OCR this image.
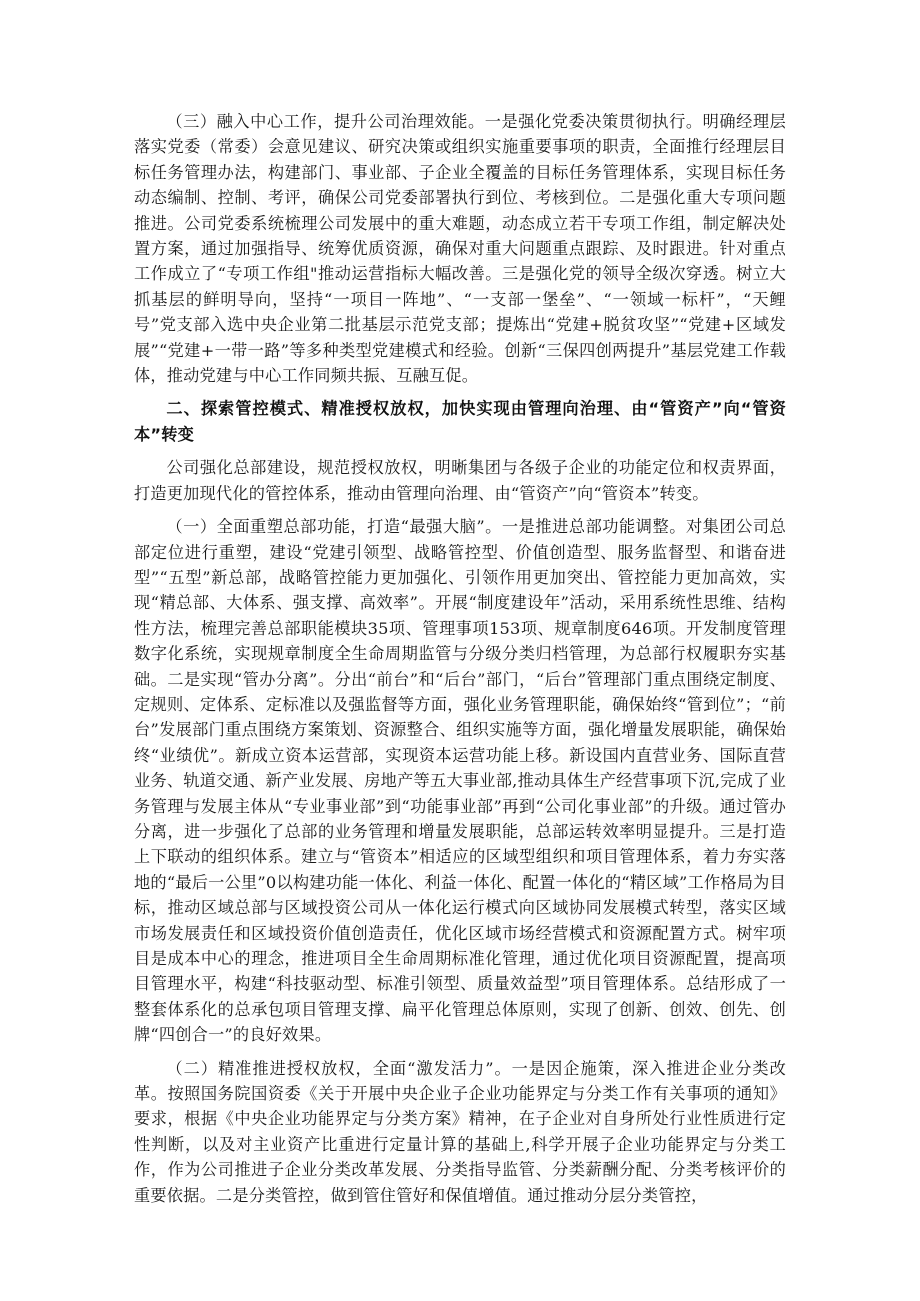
（三）融入中心工作，提升公司治理效能。一是强化党委决策贯彻执行。明确经理层落实党委（常委）会意见建议、研究决策或组织实施重要事项的职责，全面推行经理层目标任务管理办法，构建部门、事业部、子企业全覆盖的目标任务管理体系，实现目标任务动态编制、控制、考评，确保公司党委部署执行到位、考核到位。二是强化重大专项问题推进。公司党委系统梳理公司发展中的重大难题，动态成立若干专项工作组，制定解决处置方案，通过加强指导、统筹优质资源，确保对重大问题重点跟踪、及时跟进。针对重点工作成立了“专项工作组"推动运营指标大幅改善。三是强化党的领导全级次穿透。树立大抓基层的鲜明导向，坚持“一项目一阵地”、“一支部一堡垒”、“一领域一标杆”，“天鲤号”党支部入选中央企业第二批基层示范党支部；提炼出“党建+脱贫攻坚”“党建+区域发展”“党建+一带一路”等多种类型党建模式和经验。创新“三保四创两提升”基层党建工作载体，推动党建与中心工作同频共振、互融互促。

二、探索管控模式、精准授权放权，加快实现由管理向治理、由“管资产”向“管资本”转变

公司强化总部建设，规范授权放权，明晰集团与各级子企业的功能定位和权责界面，打造更加现代化的管控体系，推动由管理向治理、由“管资产”向“管资本”转变。

（一）全面重塑总部功能，打造“最强大脑”。一是推进总部功能调整。对集团公司总部定位进行重塑，建设“党建引领型、战略管控型、价值创造型、服务监督型、和谐奋进型”“五型”新总部，战略管控能力更加强化、引领作用更加突出、管控能力更加高效，实现“精总部、大体系、强支撑、高效率”。开展“制度建设年”活动，采用系统性思维、结构性方法，梳理完善总部职能模块35项、管理事项153项、规章制度646项。开发制度管理数字化系统，实现规章制度全生命周期监管与分级分类归档管理，为总部行权履职夯实基础。二是实现“管办分离”。分出“前台”和“后台”部门，“后台”管理部门重点围绕定制度、定规则、定体系、定标准以及强监督等方面，强化业务管理职能，确保始终“管到位”；“前台”发展部门重点围绕方案策划、资源整合、组织实施等方面，强化增量发展职能，确保始终“业绩优”。新成立资本运营部，实现资本运营功能上移。新设国内直营业务、国际直营业务、轨道交通、新产业发展、房地产等五大事业部,推动具体生产经营事项下沉,完成了业务管理与发展主体从“专业事业部”到“功能事业部”再到“公司化事业部”的升级。通过管办分离，进一步强化了总部的业务管理和增量发展职能，总部运转效率明显提升。三是打造上下联动的组织体系。建立与“管资本”相适应的区域型组织和项目管理体系，着力夯实落地的“最后一公里”0以构建功能一体化、利益一体化、配置一体化的“精区域”工作格局为目标，推动区域总部与区域投资公司从一体化运行模式向区域协同发展模式转型，落实区域市场发展责任和区域投资价值创造责任，优化区域市场经营模式和资源配置方式。树牢项目是成本中心的理念，推进项目全生命周期标准化管理，通过优化项目资源配置，提高项目管理水平，构建“科技驱动型、标准引领型、质量效益型”项目管理体系。总结形成了一整套体系化的总承包项目管理支撑、扁平化管理总体原则，实现了创新、创效、创先、创牌“四创合一”的良好效果。

（二）精准推进授权放权，全面“激发活力”。一是因企施策，深入推进企业分类改革。按照国务院国资委《关于开展中央企业子企业功能界定与分类工作有关事项的通知》要求，根据《中央企业功能界定与分类方案》精神，在子企业对自身所处行业性质进行定性判断，以及对主业资产比重进行定量计算的基础上,科学开展子企业功能界定与分类工作，作为公司推进子企业分类改革发展、分类指导监管、分类薪酬分配、分类考核评价的重要依据。二是分类管控，做到管住管好和保值增值。通过推动分层分类管控，
